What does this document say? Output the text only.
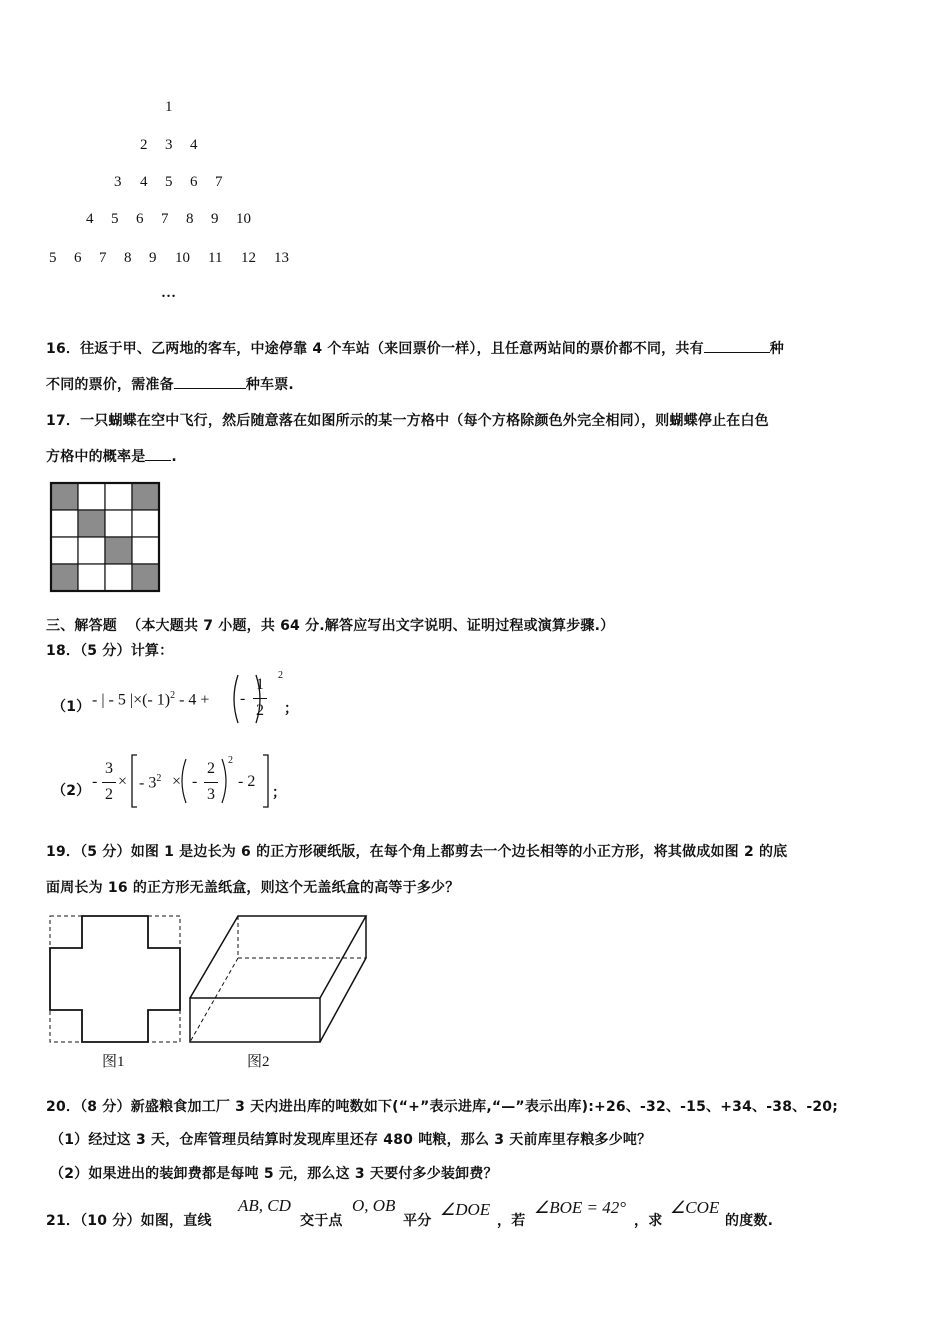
1
2 3 4
3 4 5 6 7
4 5 6 7 8 9 10
5 6 7 8 9 10 11 12 13
…
16．往返于甲、乙两地的客车，中途停靠 4 个车站（来回票价一样），且任意两站间的票价都不同，共有	种
不同的票价，需准备	种车票.
17．一只蝴蝶在空中飞行，然后随意落在如图所示的某一方格中（每个方格除颜色外完全相同），则蝴蝶停止在白色
方格中的概率是 .
三、解答题 （本大题共 7 小题，共 64 分.解答应写出文字说明、证明过程或演算步骤.）
18．（5 分）计算：
（1） - | - 5 |×(- 1)$^2$ - 4 + -
1
2
2
；
（2）
-
3
2
× - $3^2$ × -
2
3
2
- 2
；
19．（5 分）如图 1 是边长为 6 的正方形硬纸版，在每个角上都剪去一个边长相等的小正方形，将其做成如图 2 的底
面周长为 16 的正方形无盖纸盒，则这个无盖纸盒的高等于多少？
图1	图2
20．（8 分）新盛粮食加工厂 3 天内进出库的吨数如下(“+”表示进库,“—”表示出库):+26、-32、-15、+34、-38、-20;
（1）经过这 3 天，仓库管理员结算时发现库里还存 480 吨粮，那么 3 天前库里存粮多少吨？
（2）如果进出的装卸费都是每吨 5 元，那么这 3 天要付多少装卸费？
21．（10 分）如图，直线
AB, CD
交于点
O, OB
平分
∠DOE
，若
∠BOE = 42°
，求
∠COE
的度数.
